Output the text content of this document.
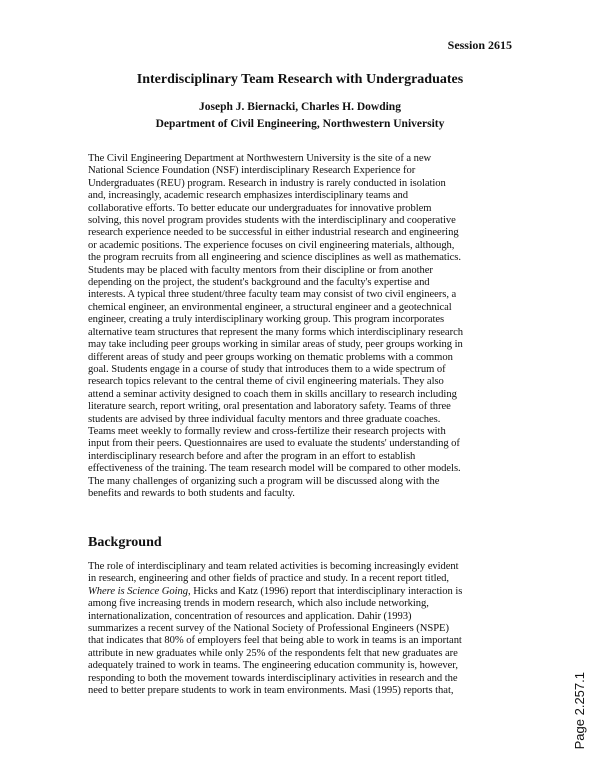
Session 2615
Interdisciplinary Team Research with Undergraduates
Joseph J. Biernacki, Charles H. Dowding
Department of Civil Engineering, Northwestern University
The Civil Engineering Department at Northwestern University is the site of a new
National Science Foundation (NSF) interdisciplinary Research Experience for
Undergraduates (REU) program. Research in industry is rarely conducted in isolation
and, increasingly, academic research emphasizes interdisciplinary teams and
collaborative efforts. To better educate our undergraduates for innovative problem
solving, this novel program provides students with the interdisciplinary and cooperative
research experience needed to be successful in either industrial research and engineering
or academic positions. The experience focuses on civil engineering materials, although,
the program recruits from all engineering and science disciplines as well as mathematics.
Students may be placed with faculty mentors from their discipline or from another
depending on the project, the student's background and the faculty's expertise and
interests. A typical three student/three faculty team may consist of two civil engineers, a
chemical engineer, an environmental engineer, a structural engineer and a geotechnical
engineer, creating a truly interdisciplinary working group. This program incorporates
alternative team structures that represent the many forms which interdisciplinary research
may take including peer groups working in similar areas of study, peer groups working in
different areas of study and peer groups working on thematic problems with a common
goal. Students engage in a course of study that introduces them to a wide spectrum of
research topics relevant to the central theme of civil engineering materials. They also
attend a seminar activity designed to coach them in skills ancillary to research including
literature search, report writing, oral presentation and laboratory safety. Teams of three
students are advised by three individual faculty mentors and three graduate coaches.
Teams meet weekly to formally review and cross-fertilize their research projects with
input from their peers. Questionnaires are used to evaluate the students' understanding of
interdisciplinary research before and after the program in an effort to establish
effectiveness of the training. The team research model will be compared to other models.
The many challenges of organizing such a program will be discussed along with the
benefits and rewards to both students and faculty.
Background
The role of interdisciplinary and team related activities is becoming increasingly evident
in research, engineering and other fields of practice and study. In a recent report titled,
Where is Science Going, Hicks and Katz (1996) report that interdisciplinary interaction is
among five increasing trends in modern research, which also include networking,
internationalization, concentration of resources and application. Dahir (1993)
summarizes a recent survey of the National Society of Professional Engineers (NSPE)
that indicates that 80% of employers feel that being able to work in teams is an important
attribute in new graduates while only 25% of the respondents felt that new graduates are
adequately trained to work in teams. The engineering education community is, however,
responding to both the movement towards interdisciplinary activities in research and the
need to better prepare students to work in team environments. Masi (1995) reports that,	Page 2.257.1
